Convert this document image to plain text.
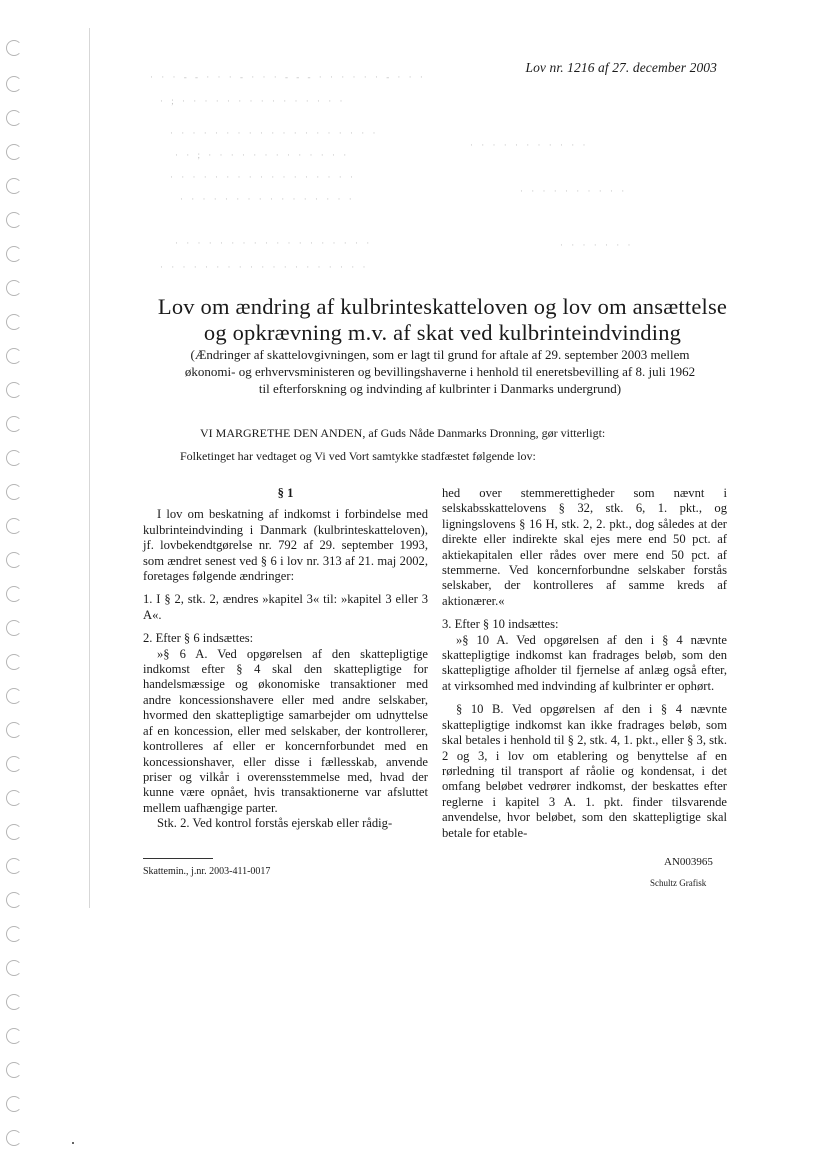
Lov nr. 1216 af 27. december 2003
· · · - - · · · - · · · - - - · · · · · · - · · ·
· ; · · · · · · · · · · · · · · ·
· · · · · · · · · · · · · · · · · · ·
· · ; · · · · · · · · · · · · ·
· · · · · · · · · · · · · · · · ·
· · · · · · · · · · · · · · · ·
· · · · · · · · · · · · · · · · · ·
· · · · · · · · · · · · · · · · · · ·
· · · · · · · · · · ·
· · · · · · · · · ·
· · · · · · ·
Lov om ændring af kulbrinteskatteloven og lov om ansættelse
og opkrævning m.v. af skat ved kulbrinteindvinding
(Ændringer af skattelovgivningen, som er lagt til grund for aftale af 29. september 2003 mellem
økonomi- og erhvervsministeren og bevillingshaverne i henhold til eneretsbevilling af 8. juli 1962
til efterforskning og indvinding af kulbrinter i Danmarks undergrund)
VI MARGRETHE DEN ANDEN, af Guds Nåde Danmarks Dronning, gør vitterligt:
Folketinget har vedtaget og Vi ved Vort samtykke stadfæstet følgende lov:

§ 1

I lov om beskatning af indkomst i forbindelse med kulbrinteindvinding i Danmark (kulbrinteskatteloven), jf. lovbekendtgørelse nr. 792 af 29. september 1993, som ændret senest ved § 6 i lov nr. 313 af 21. maj 2002, foretages følgende ændringer:

1. I § 2, stk. 2, ændres »kapitel 3« til: »kapitel 3 eller 3 A«.

2. Efter § 6 indsættes:

»§ 6 A. Ved opgørelsen af den skattepligtige indkomst efter § 4 skal den skattepligtige for handelsmæssige og økonomiske transaktioner med andre koncessionshavere eller med andre selskaber, hvormed den skattepligtige samarbejder om udnyttelse af en koncession, eller med selskaber, der kontrollerer, kontrolleres af eller er koncernforbundet med en koncessionshaver, eller disse i fællesskab, anvende priser og vilkår i overensstemmelse med, hvad der kunne være opnået, hvis transaktionerne var afsluttet mellem uafhængige parter.

Stk. 2. Ved kontrol forstås ejerskab eller rådig-

hed over stemmerettigheder som nævnt i selskabsskattelovens § 32, stk. 6, 1. pkt., og ligningslovens § 16 H, stk. 2, 2. pkt., dog således at der direkte eller indirekte skal ejes mere end 50 pct. af aktiekapitalen eller rådes over mere end 50 pct. af stemmerne. Ved koncernforbundne selskaber forstås selskaber, der kontrolleres af samme kreds af aktionærer.«

3. Efter § 10 indsættes:

»§ 10 A. Ved opgørelsen af den i § 4 nævnte skattepligtige indkomst kan fradrages beløb, som den skattepligtige afholder til fjernelse af anlæg også efter, at virksomhed med indvinding af kulbrinter er ophørt.

§ 10 B. Ved opgørelsen af den i § 4 nævnte skattepligtige indkomst kan ikke fradrages beløb, som skal betales i henhold til § 2, stk. 4, 1. pkt., eller § 3, stk. 2 og 3, i lov om etablering og benyttelse af en rørledning til transport af råolie og kondensat, i det omfang beløbet vedrører indkomst, der beskattes efter reglerne i kapitel 3 A. 1. pkt. finder tilsvarende anvendelse, hvor beløbet, som den skattepligtige skal betale for etable-

Skattemin., j.nr. 2003-411-0017
AN003965
Schultz Grafisk
